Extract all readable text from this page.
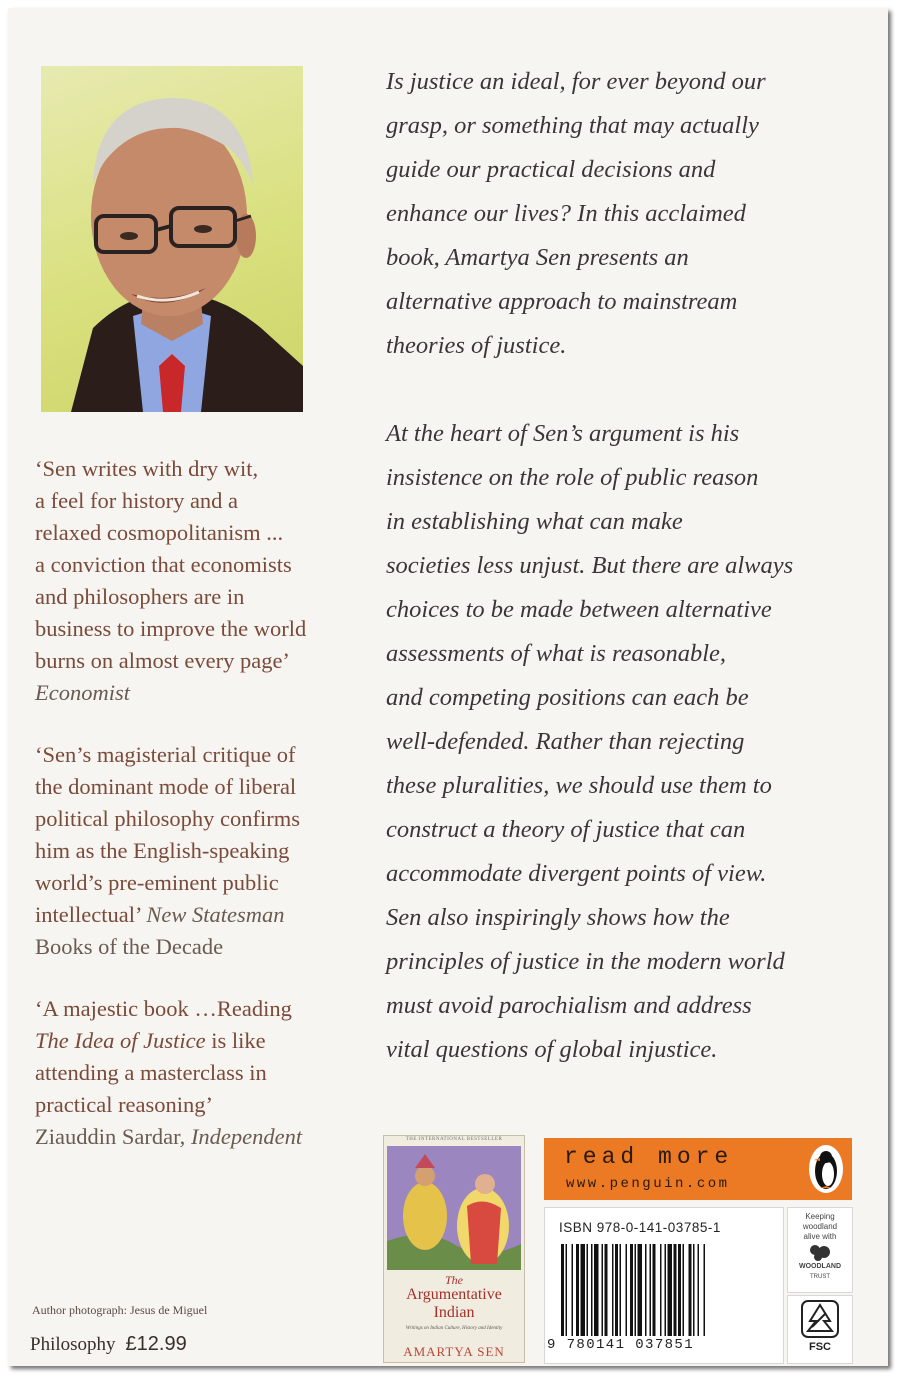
‘Sen writes with dry wit,
a feel for history and a
relaxed cosmopolitanism ...
a conviction that economists
and philosophers are in
business to improve the world
burns on almost every page’
Economist

‘Sen’s magisterial critique of
the dominant mode of liberal
political philosophy confirms
him as the English-speaking
world’s pre-eminent public
intellectual’ New Statesman
Books of the Decade

‘A majestic book …Reading
The Idea of Justice is like
attending a masterclass in
practical reasoning’
Ziauddin Sardar, Independent

Author photograph: Jesus de Miguel
Philosophy £12.99

Is justice an ideal, for ever beyond our
grasp, or something that may actually
guide our practical decisions and
enhance our lives? In this acclaimed
book, Amartya Sen presents an
alternative approach to mainstream
theories of justice.

At the heart of Sen’s argument is his
insistence on the role of public reason
in establishing what can make
societies less unjust. But there are always
choices to be made between alternative
assessments of what is reasonable,
and competing positions can each be
well-defended. Rather than rejecting
these pluralities, we should use them to
construct a theory of justice that can
accommodate divergent points of view.
Sen also inspiringly shows how the
principles of justice in the modern world
must avoid parochialism and address
vital questions of global injustice.

THE INTERNATIONAL BESTSELLER
The
Argumentative
Indian
Writings on Indian Culture, History and Identity
AMARTYA SEN
read more
www.penguin.com
ISBN 978-0-141-03785-1
9 780141 037851
Keeping
woodland
alive with
WOODLAND
TRUST
FSC
